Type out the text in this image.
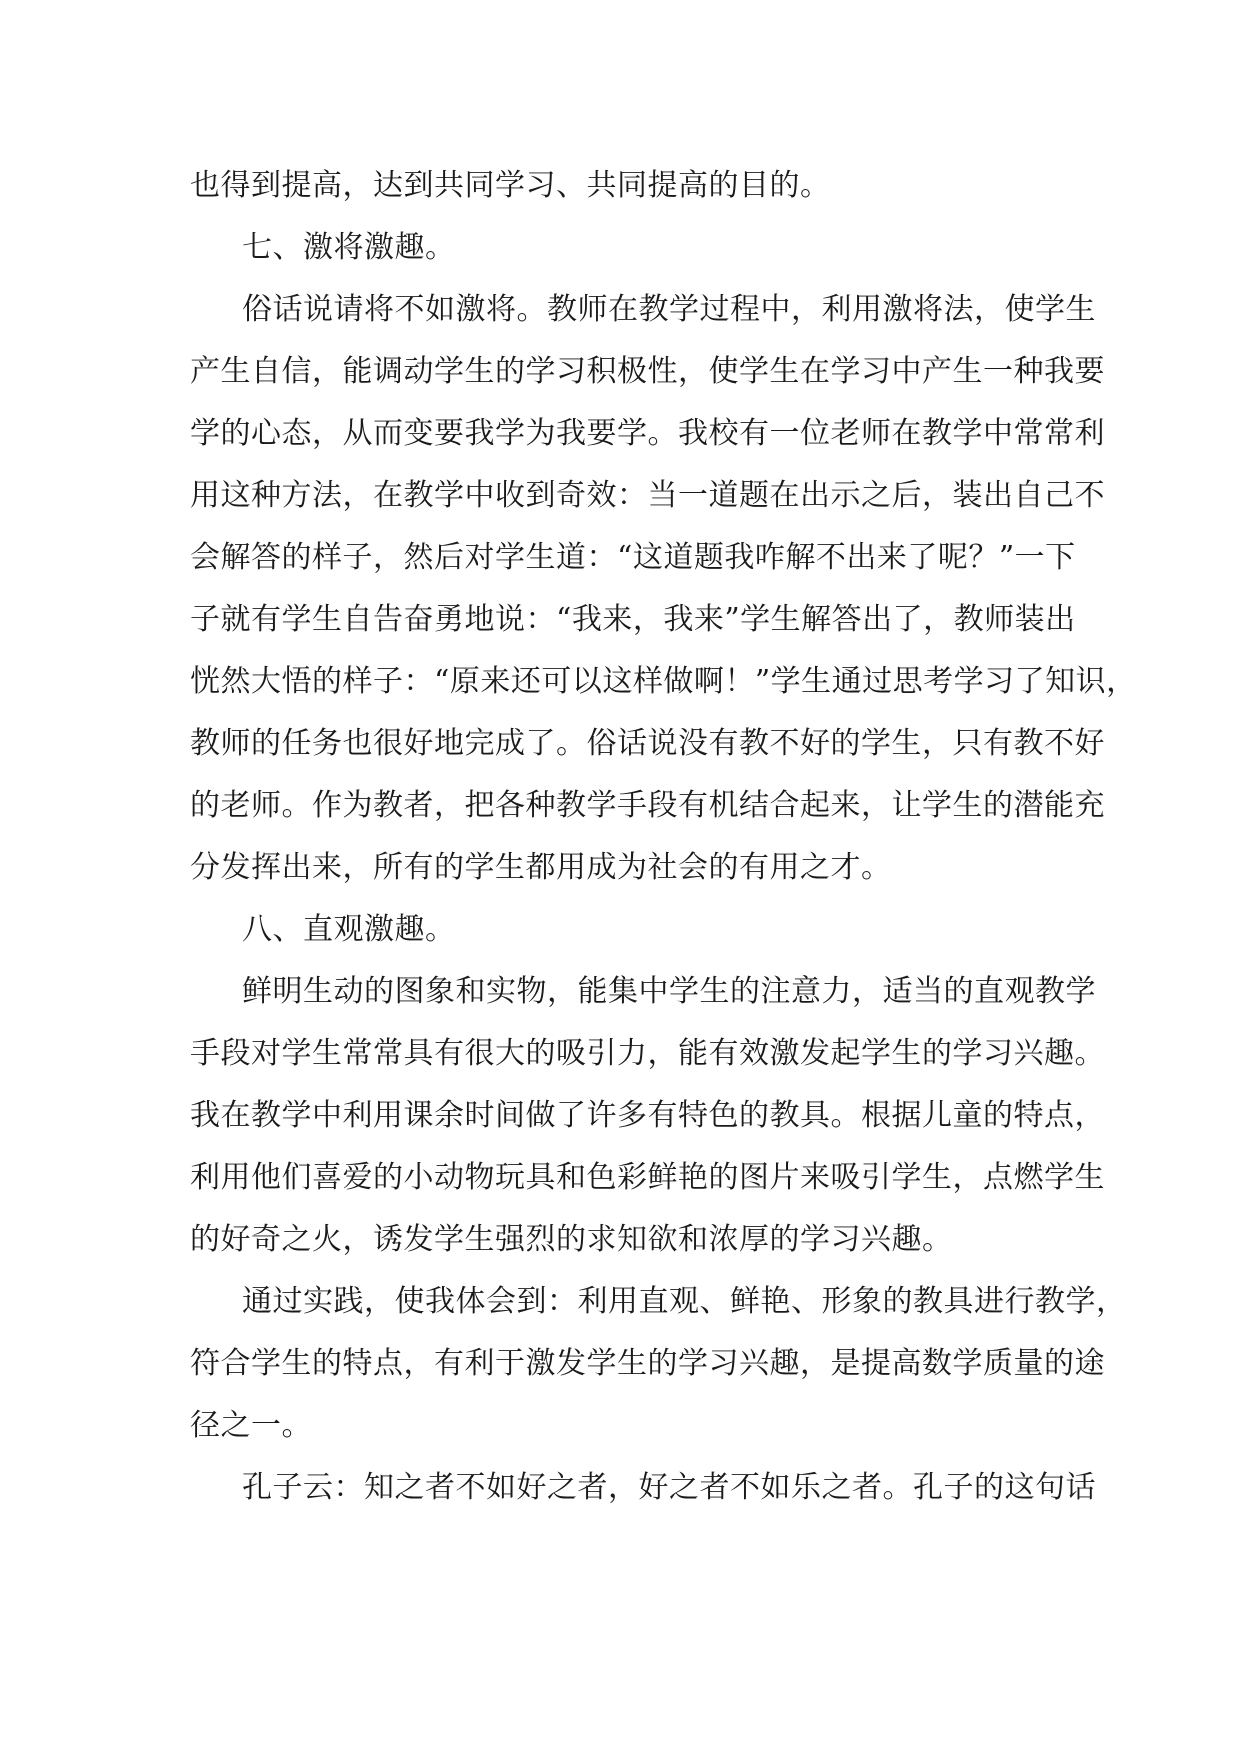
也得到提高，达到共同学习、共同提高的目的。
七、激将激趣。
俗话说请将不如激将。教师在教学过程中，利用激将法，使学生
产生自信，能调动学生的学习积极性，使学生在学习中产生一种我要
学的心态，从而变要我学为我要学。我校有一位老师在教学中常常利
用这种方法，在教学中收到奇效：当一道题在出示之后，装出自己不
会解答的样子，然后对学生道：“这道题我咋解不出来了呢？”一下
子就有学生自告奋勇地说：“我来，我来”学生解答出了，教师装出
恍然大悟的样子：“原来还可以这样做啊！”学生通过思考学习了知识，
教师的任务也很好地完成了。俗话说没有教不好的学生，只有教不好
的老师。作为教者，把各种教学手段有机结合起来，让学生的潜能充
分发挥出来，所有的学生都用成为社会的有用之才。
八、直观激趣。
鲜明生动的图象和实物，能集中学生的注意力，适当的直观教学
手段对学生常常具有很大的吸引力，能有效激发起学生的学习兴趣。
我在教学中利用课余时间做了许多有特色的教具。根据儿童的特点，
利用他们喜爱的小动物玩具和色彩鲜艳的图片来吸引学生，点燃学生
的好奇之火，诱发学生强烈的求知欲和浓厚的学习兴趣。
通过实践，使我体会到：利用直观、鲜艳、形象的教具进行教学，
符合学生的特点，有利于激发学生的学习兴趣，是提高数学质量的途
径之一。
孔子云：知之者不如好之者，好之者不如乐之者。孔子的这句话
